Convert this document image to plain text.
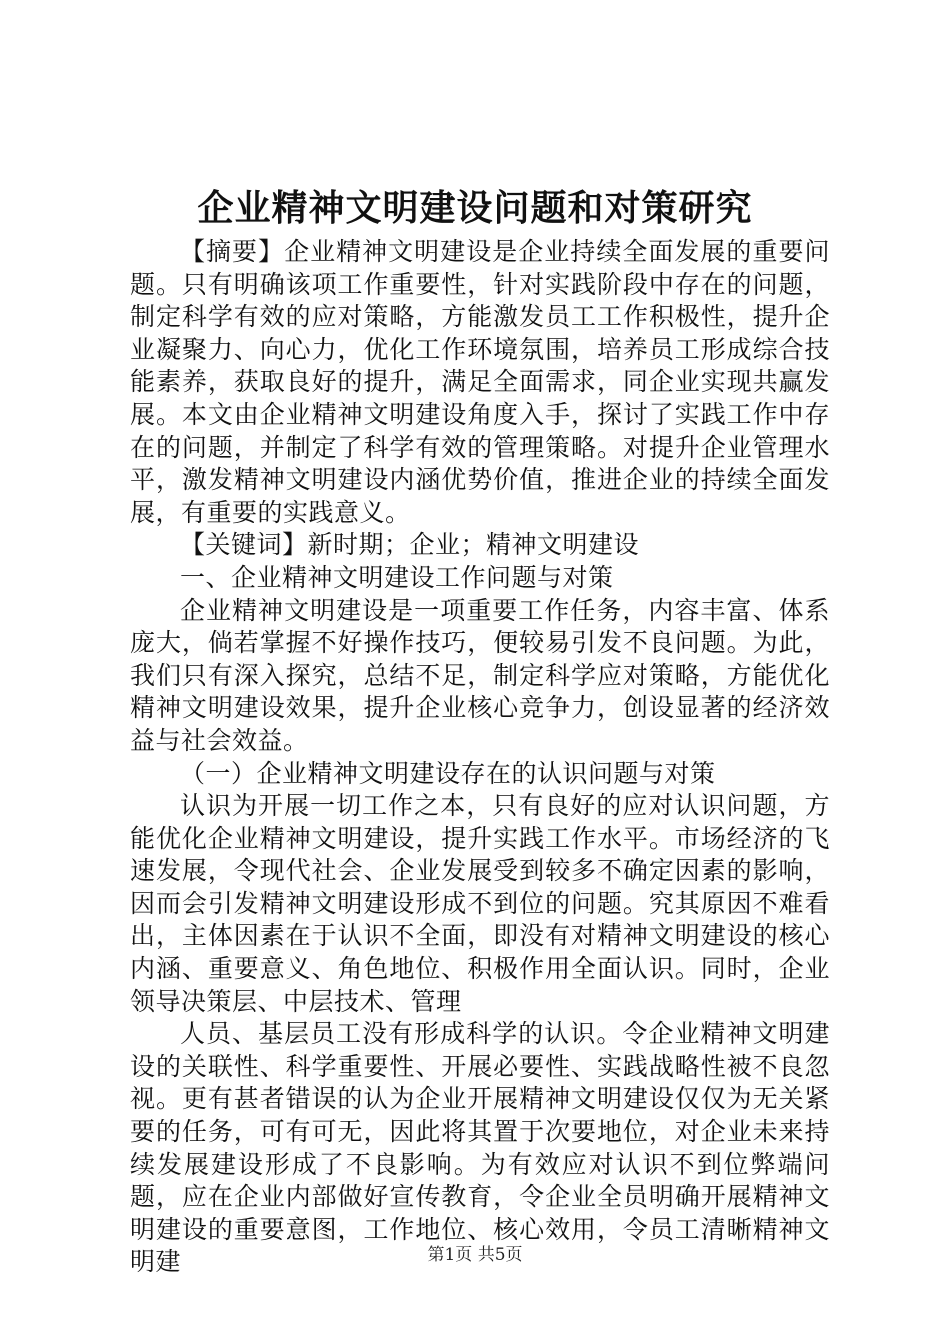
企业精神文明建设问题和对策研究

【摘要】企业精神文明建设是企业持续全面发展的重要问题。只有明确该项工作重要性，针对实践阶段中存在的问题，制定科学有效的应对策略，方能激发员工工作积极性，提升企业凝聚力、向心力，优化工作环境氛围，培养员工形成综合技能素养，获取良好的提升，满足全面需求，同企业实现共赢发展。本文由企业精神文明建设角度入手，探讨了实践工作中存在的问题，并制定了科学有效的管理策略。对提升企业管理水平，激发精神文明建设内涵优势价值，推进企业的持续全面发展，有重要的实践意义。

【关键词】新时期；企业；精神文明建设

一、企业精神文明建设工作问题与对策

企业精神文明建设是一项重要工作任务，内容丰富、体系庞大，倘若掌握不好操作技巧，便较易引发不良问题。为此，我们只有深入探究，总结不足，制定科学应对策略，方能优化精神文明建设效果，提升企业核心竞争力，创设显著的经济效益与社会效益。

（一）企业精神文明建设存在的认识问题与对策

认识为开展一切工作之本，只有良好的应对认识问题，方能优化企业精神文明建设，提升实践工作水平。市场经济的飞速发展，令现代社会、企业发展受到较多不确定因素的影响，因而会引发精神文明建设形成不到位的问题。究其原因不难看出，主体因素在于认识不全面，即没有对精神文明建设的核心内涵、重要意义、角色地位、积极作用全面认识。同时，企业领导决策层、中层技术、管理

人员、基层员工没有形成科学的认识。令企业精神文明建设的关联性、科学重要性、开展必要性、实践战略性被不良忽视。更有甚者错误的认为企业开展精神文明建设仅仅为无关紧要的任务，可有可无，因此将其置于次要地位，对企业未来持续发展建设形成了不良影响。为有效应对认识不到位弊端问题，应在企业内部做好宣传教育，令企业全员明确开展精神文明建设的重要意图，工作地位、核心效用，令员工清晰精神文明建	第1页 共5页
